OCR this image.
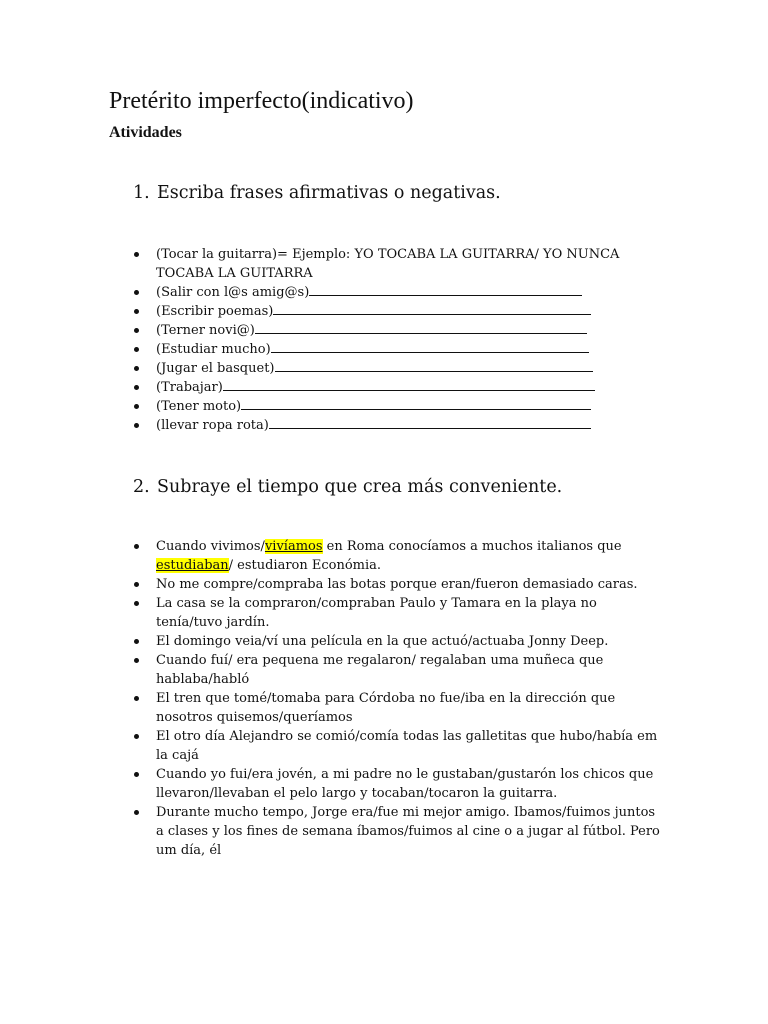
Pretérito imperfecto(indicativo)
Atividades
1. Escriba frases afirmativas o negativas.
(Tocar la guitarra)= Ejemplo: YO TOCABA LA GUITARRA/ YO NUNCA TOCABA LA GUITARRA
(Salir con l@s amig@s)
(Escribir poemas)
(Terner novi@)
(Estudiar mucho)
(Jugar el basquet)
(Trabajar)
(Tener moto)
(llevar ropa rota)
2. Subraye el tiempo que crea más conveniente.
Cuando vivimos/vivíamos en Roma conocíamos a muchos italianos que estudiaban/ estudiaron Económia.
No me compre/compraba las botas porque eran/fueron demasiado caras.
La casa se la compraron/compraban Paulo y Tamara en la playa no tenía/tuvo jardín.
El domingo veia/ví una película en la que actuó/actuaba Jonny Deep.
Cuando fuí/ era pequena me regalaron/ regalaban uma muñeca que hablaba/habló
El tren que tomé/tomaba para Córdoba no fue/iba en la dirección que nosotros quisemos/queríamos
El otro día Alejandro se comió/comía todas las galletitas que hubo/había em la cajá
Cuando yo fui/era jovén, a mi padre no le gustaban/gustarón los chicos que llevaron/llevaban el pelo largo y tocaban/tocaron la guitarra.
Durante mucho tempo, Jorge era/fue mi mejor amigo. Ibamos/fuimos juntos a clases y los fines de semana íbamos/fuimos al cine o a jugar al fútbol. Pero um día, él
